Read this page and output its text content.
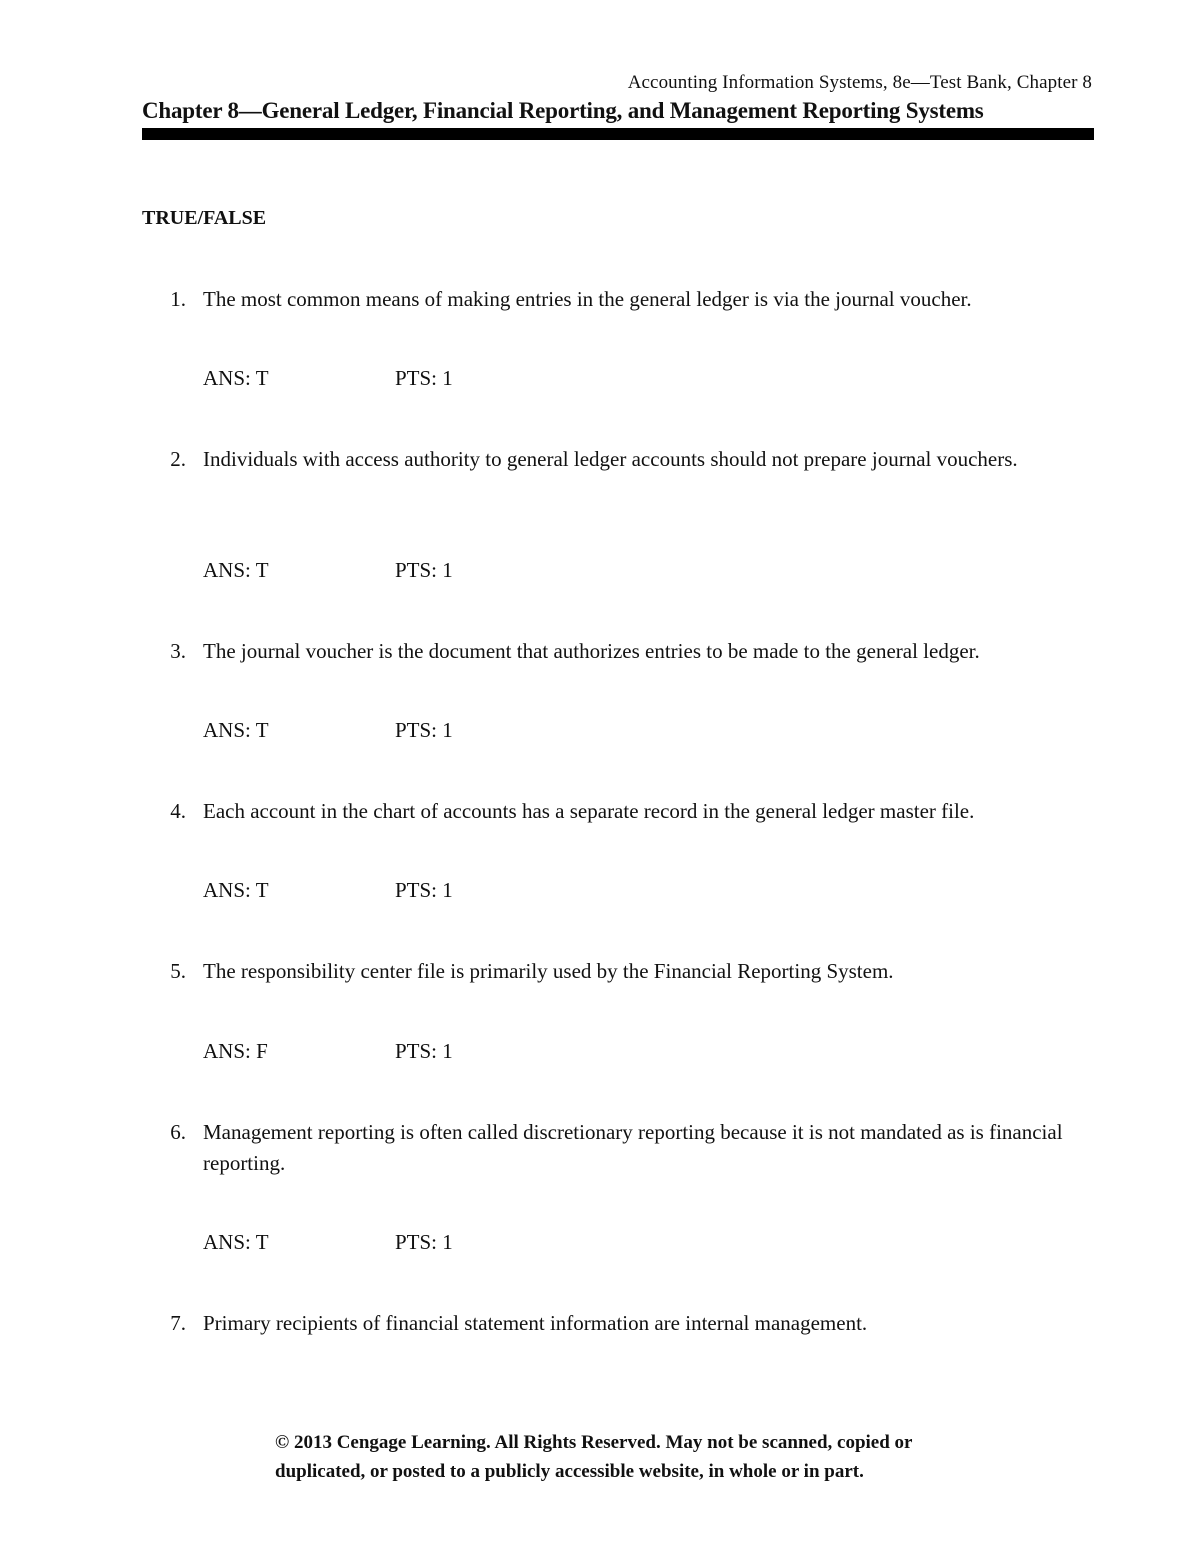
Accounting Information Systems, 8e—Test Bank, Chapter 8
Chapter 8—General Ledger, Financial Reporting, and Management Reporting Systems
TRUE/FALSE
1. The most common means of making entries in the general ledger is via the journal voucher.
ANS: T	PTS: 1
2. Individuals with access authority to general ledger accounts should not prepare journal vouchers.
ANS: T	PTS: 1
3. The journal voucher is the document that authorizes entries to be made to the general ledger.
ANS: T	PTS: 1
4. Each account in the chart of accounts has a separate record in the general ledger master file.
ANS: T	PTS: 1
5. The responsibility center file is primarily used by the Financial Reporting System.
ANS: F	PTS: 1
6. Management reporting is often called discretionary reporting because it is not mandated as is financial reporting.
ANS: T	PTS: 1
7. Primary recipients of financial statement information are internal management.
© 2013 Cengage Learning. All Rights Reserved. May not be scanned, copied or
duplicated, or posted to a publicly accessible website, in whole or in part.
